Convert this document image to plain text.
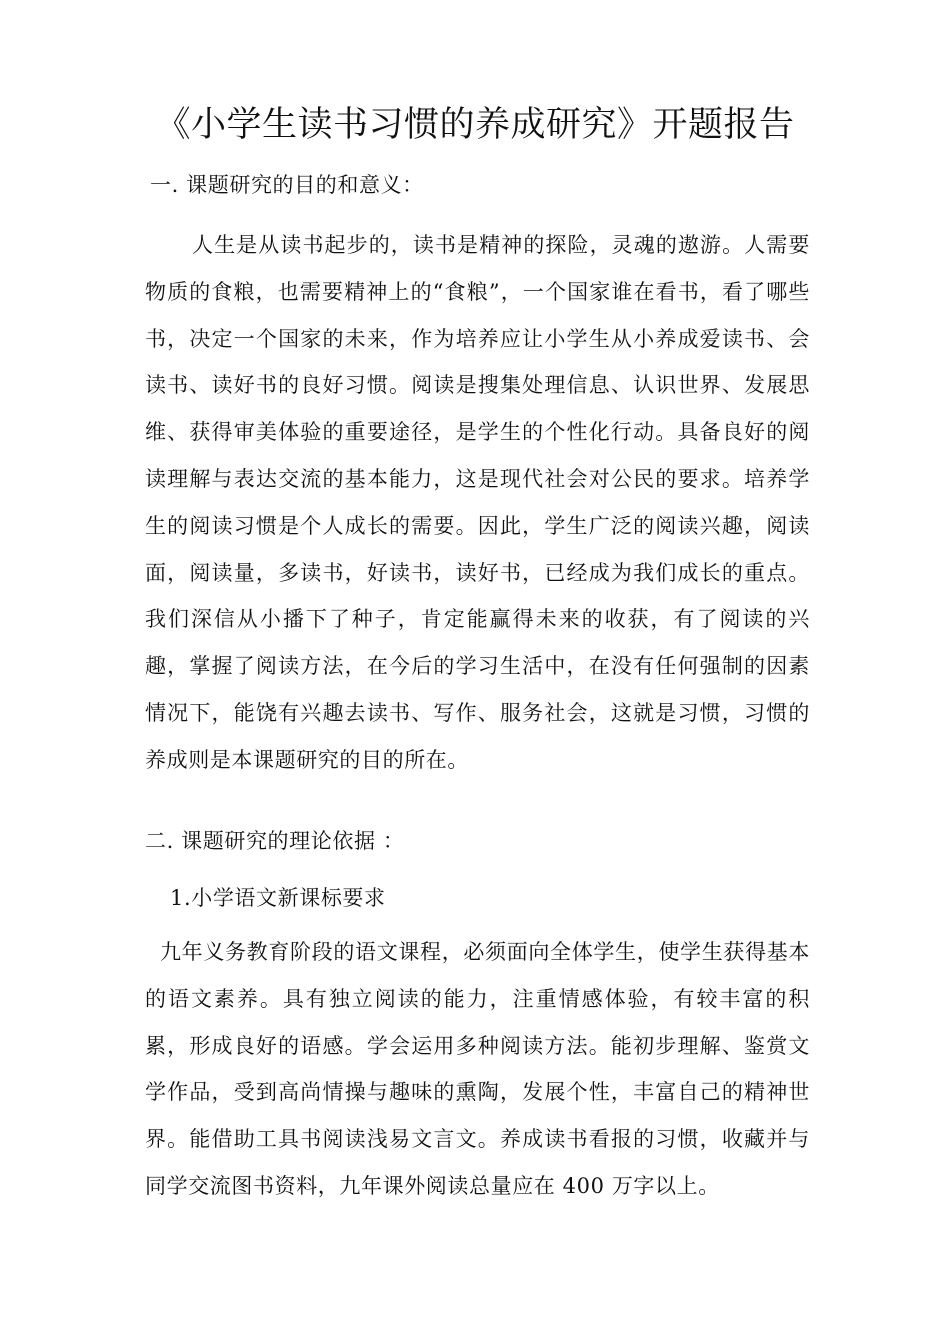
《小学生读书习惯的养成研究》开题报告

一. 课题研究的目的和意义：

人生是从读书起步的，读书是精神的探险，灵魂的遨游。人需要物质的食粮，也需要精神上的“食粮”，一个国家谁在看书，看了哪些书，决定一个国家的未来，作为培养应让小学生从小养成爱读书、会读书、读好书的良好习惯。阅读是搜集处理信息、认识世界、发展思维、获得审美体验的重要途径，是学生的个性化行动。具备良好的阅读理解与表达交流的基本能力，这是现代社会对公民的要求。培养学生的阅读习惯是个人成长的需要。因此，学生广泛的阅读兴趣，阅读面，阅读量，多读书，好读书，读好书，已经成为我们成长的重点。我们深信从小播下了种子，肯定能赢得未来的收获，有了阅读的兴趣，掌握了阅读方法，在今后的学习生活中，在没有任何强制的因素情况下，能饶有兴趣去读书、写作、服务社会，这就是习惯，习惯的养成则是本课题研究的目的所在。

二. 课题研究的理论依据 ：

1.小学语文新课标要求

九年义务教育阶段的语文课程，必须面向全体学生，使学生获得基本的语文素养。具有独立阅读的能力，注重情感体验，有较丰富的积累，形成良好的语感。学会运用多种阅读方法。能初步理解、鉴赏文学作品，受到高尚情操与趣味的熏陶，发展个性，丰富自己的精神世界。能借助工具书阅读浅易文言文。养成读书看报的习惯，收藏并与同学交流图书资料，九年课外阅读总量应在 400 万字以上。
